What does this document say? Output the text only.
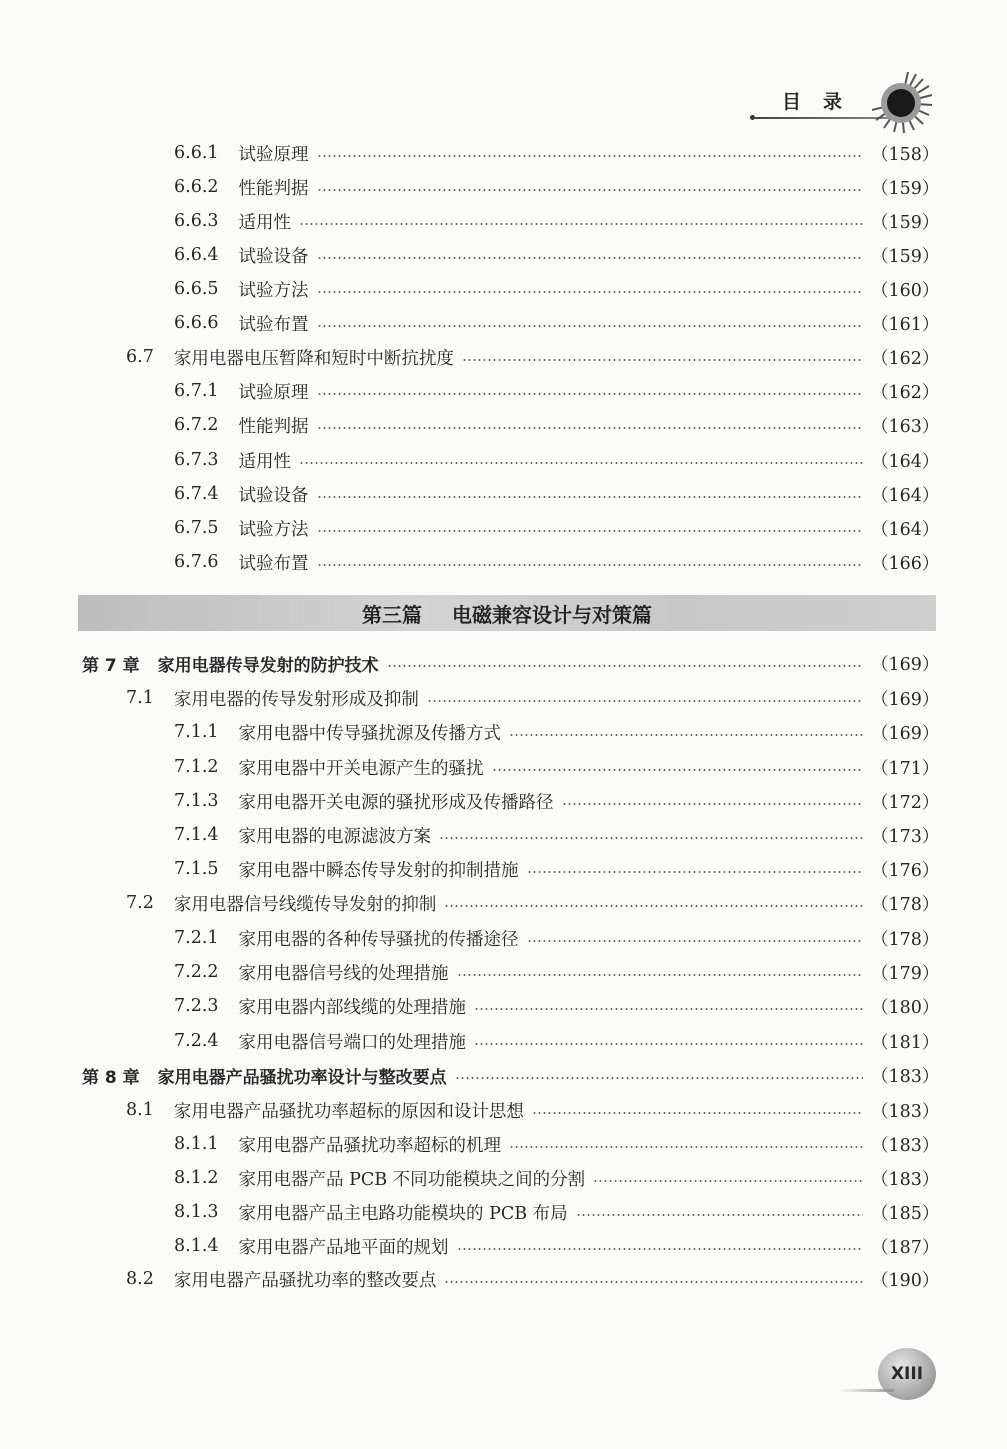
目录
第三篇 电磁兼容设计与对策篇
6.6.1	试验原理	（158）
6.6.2	性能判据	（159）
6.6.3	适用性	（159）
6.6.4	试验设备	（159）
6.6.5	试验方法	（160）
6.6.6	试验布置	（161）
6.7	家用电器电压暂降和短时中断抗扰度	（162）
6.7.1	试验原理	（162）
6.7.2	性能判据	（163）
6.7.3	适用性	（164）
6.7.4	试验设备	（164）
6.7.5	试验方法	（164）
6.7.6	试验布置	（166）
第 7 章	家用电器传导发射的防护技术	（169）
7.1	家用电器的传导发射形成及抑制	（169）
7.1.1	家用电器中传导骚扰源及传播方式	（169）
7.1.2	家用电器中开关电源产生的骚扰	（171）
7.1.3	家用电器开关电源的骚扰形成及传播路径	（172）
7.1.4	家用电器的电源滤波方案	（173）
7.1.5	家用电器中瞬态传导发射的抑制措施	（176）
7.2	家用电器信号线缆传导发射的抑制	（178）
7.2.1	家用电器的各种传导骚扰的传播途径	（178）
7.2.2	家用电器信号线的处理措施	（179）
7.2.3	家用电器内部线缆的处理措施	（180）
7.2.4	家用电器信号端口的处理措施	（181）
第 8 章	家用电器产品骚扰功率设计与整改要点	（183）
8.1	家用电器产品骚扰功率超标的原因和设计思想	（183）
8.1.1	家用电器产品骚扰功率超标的机理	（183）
8.1.2	家用电器产品 PCB 不同功能模块之间的分割	（183）
8.1.3	家用电器产品主电路功能模块的 PCB 布局	（185）
8.1.4	家用电器产品地平面的规划	（187）
8.2	家用电器产品骚扰功率的整改要点	（190）
XIII
